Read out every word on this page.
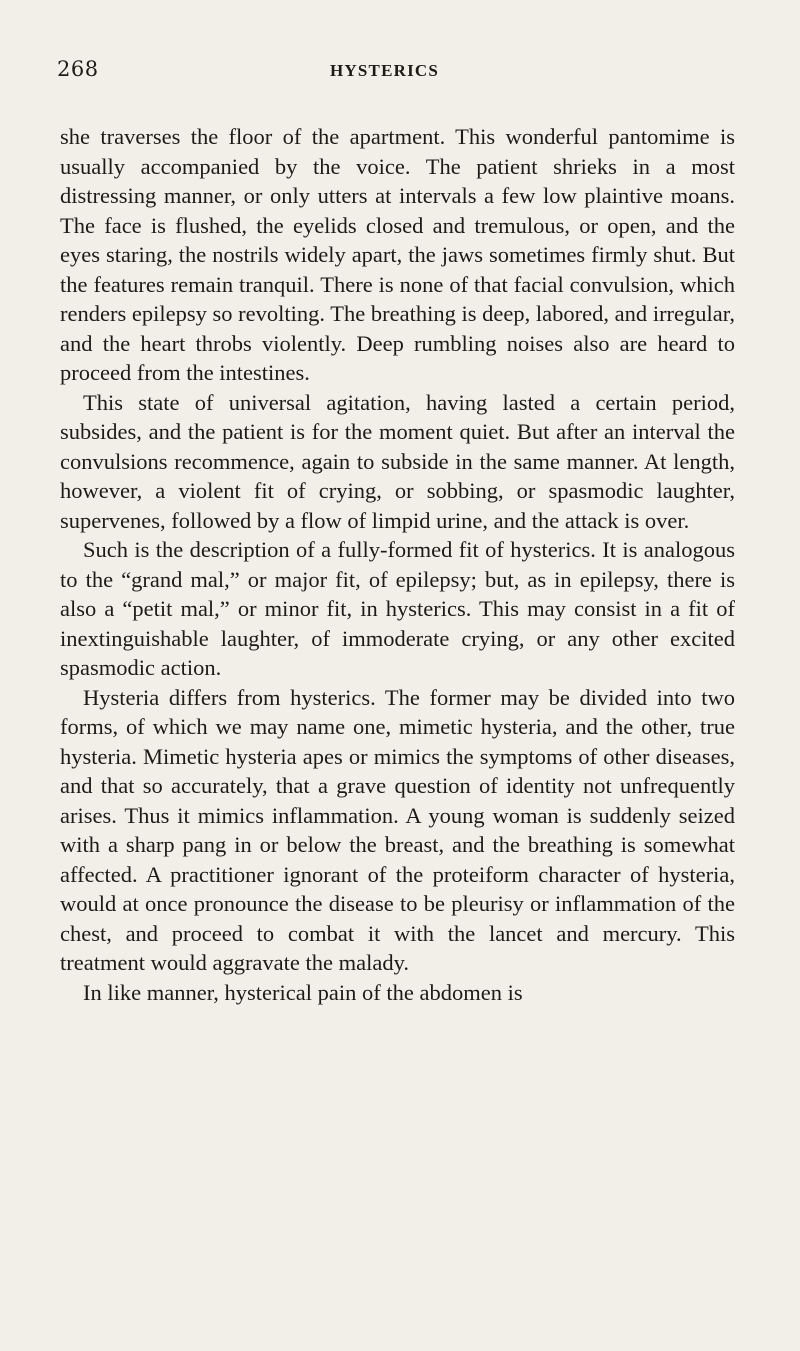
268	HYSTERICS

she traverses the floor of the apartment. This wonderful pantomime is usually accompanied by the voice. The patient shrieks in a most distressing manner, or only utters at intervals a few low plaintive moans. The face is flushed, the eyelids closed and tremulous, or open, and the eyes staring, the nostrils widely apart, the jaws sometimes firmly shut. But the features remain tranquil. There is none of that facial convulsion, which renders epilepsy so revolting. The breathing is deep, labored, and irregular, and the heart throbs violently. Deep rumbling noises also are heard to proceed from the intestines.

This state of universal agitation, having lasted a certain period, subsides, and the patient is for the moment quiet. But after an interval the convulsions recommence, again to subside in the same manner. At length, however, a violent fit of crying, or sobbing, or spasmodic laughter, supervenes, followed by a flow of limpid urine, and the attack is over.

Such is the description of a fully-formed fit of hysterics. It is analogous to the “grand mal,” or major fit, of epilepsy; but, as in epilepsy, there is also a “petit mal,” or minor fit, in hysterics. This may consist in a fit of inextinguishable laughter, of immoderate crying, or any other excited spasmodic action.

Hysteria differs from hysterics. The former may be divided into two forms, of which we may name one, mimetic hysteria, and the other, true hysteria. Mimetic hysteria apes or mimics the symptoms of other diseases, and that so accurately, that a grave question of identity not unfrequently arises. Thus it mimics inflammation. A young woman is suddenly seized with a sharp pang in or below the breast, and the breathing is somewhat affected. A practitioner ignorant of the proteiform character of hysteria, would at once pronounce the disease to be pleurisy or inflammation of the chest, and proceed to combat it with the lancet and mercury. This treatment would aggravate the malady.

In like manner, hysterical pain of the abdomen is
